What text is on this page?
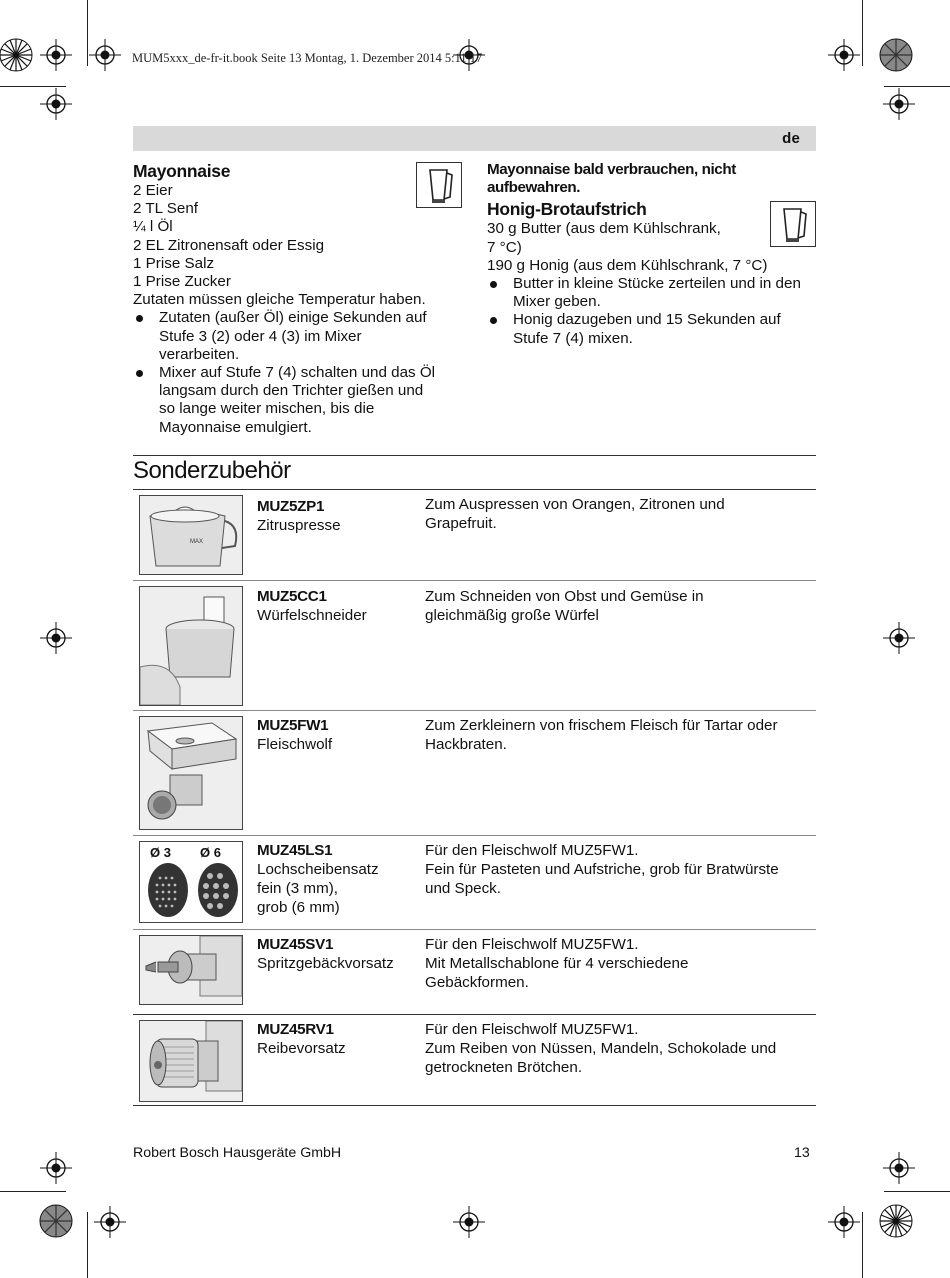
MUM5xxx_de-fr-it.book Seite 13 Montag, 1. Dezember 2014 5:11 17
de
Mayonnaise
2 Eier
2 TL Senf
¼ l Öl
2 EL Zitronensaft oder Essig
1 Prise Salz
1 Prise Zucker
Zutaten müssen gleiche Temperatur haben.
Zutaten (außer Öl) einige Sekunden auf
Stufe 3 (2) oder 4 (3) im Mixer
verarbeiten.
Mixer auf Stufe 7 (4) schalten und das Öl
langsam durch den Trichter gießen und
so lange weiter mischen, bis die
Mayonnaise emulgiert.
Mayonnaise bald verbrauchen, nicht
aufbewahren.
Honig-Brotaufstrich
30 g Butter (aus dem Kühlschrank,
7 °C)
190 g Honig (aus dem Kühlschrank, 7 °C)
Butter in kleine Stücke zerteilen und in den
Mixer geben.
Honig dazugeben und 15 Sekunden auf
Stufe 7 (4) mixen.
Sonderzubehör
MAX
MUZ5ZP1
Zitruspresse
Zum Auspressen von Orangen, Zitronen und
Grapefruit.
MUZ5CC1
Würfelschneider
Zum Schneiden von Obst und Gemüse in
gleichmäßig große Würfel
MUZ5FW1
Fleischwolf
Zum Zerkleinern von frischem Fleisch für Tartar oder
Hackbraten.
Ø 3 Ø 6 MUZ45LS1
Lochscheibensatz
fein (3 mm),
grob (6 mm)
Für den Fleischwolf MUZ5FW1.
Fein für Pasteten und Aufstriche, grob für Bratwürste
und Speck.
MUZ45SV1
Spritzgebäckvorsatz
Für den Fleischwolf MUZ5FW1.
Mit Metallschablone für 4 verschiedene
Gebäckformen.
MUZ45RV1
Reibevorsatz
Für den Fleischwolf MUZ5FW1.
Zum Reiben von Nüssen, Mandeln, Schokolade und
getrockneten Brötchen.
Robert Bosch Hausgeräte GmbH	13
